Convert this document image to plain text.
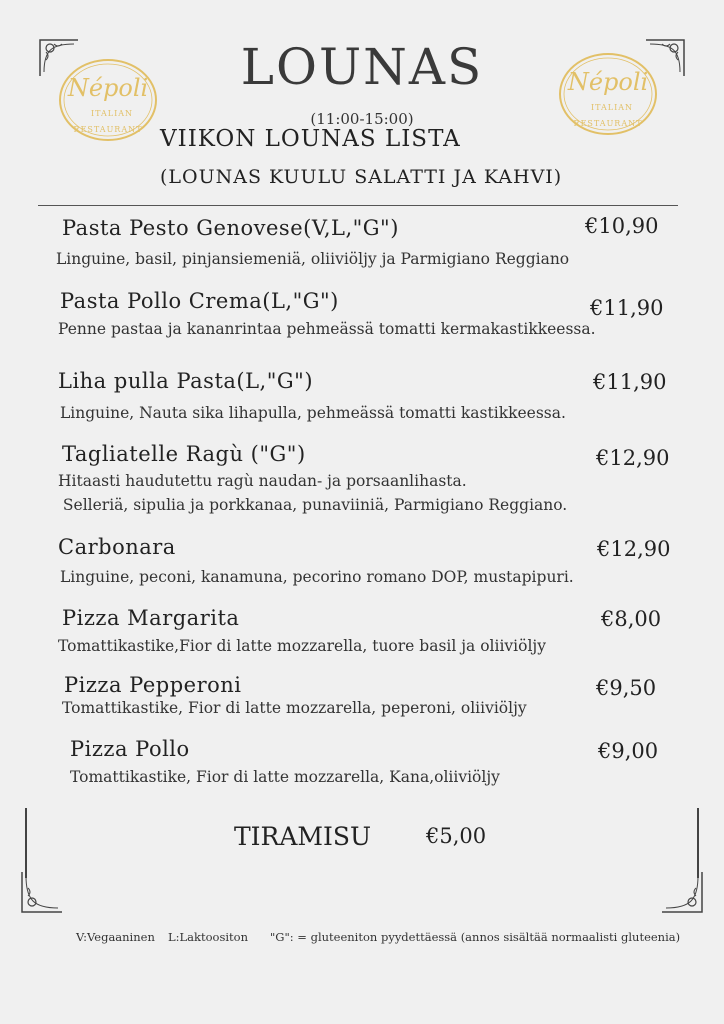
Népoli
ITALIAN
RESTAURANT
Népoli
ITALIAN
RESTAURANT
LOUNAS
(11:00-15:00)
VIIKON LOUNAS LISTA
(LOUNAS KUULU SALATTI JA KAHVI)
Pasta Pesto Genovese(V,L,"G")	€10,90
Linguine, basil, pinjansiemeniä, oliiviöljy ja Parmigiano Reggiano
Pasta Pollo Crema(L,"G")	€11,90
Penne pastaa ja kananrintaa pehmeässä tomatti kermakastikkeessa.
Liha pulla Pasta(L,"G")	€11,90
Linguine, Nauta sika lihapulla, pehmeässä tomatti kastikkeessa.
Tagliatelle Ragù ("G")	€12,90
Hitaasti haudutettu ragù naudan- ja porsaanlihasta.
Selleriä, sipulia ja porkkanaa, punaviiniä, Parmigiano Reggiano.
Carbonara	€12,90
Linguine, peconi, kanamuna, pecorino romano DOP, mustapipuri.
Pizza Margarita	€8,00
Tomattikastike,Fior di latte mozzarella, tuore basil ja oliiviöljy
Pizza Pepperoni	€9,50
Tomattikastike, Fior di latte mozzarella, peperoni, oliiviöljy
Pizza Pollo	€9,00
Tomattikastike, Fior di latte mozzarella, Kana,oliiviöljy
TIRAMISU	€5,00
V:Vegaaninen L:Laktoositon "G": = gluteeniton pyydettäessä (annos sisältää normaalisti gluteenia)
